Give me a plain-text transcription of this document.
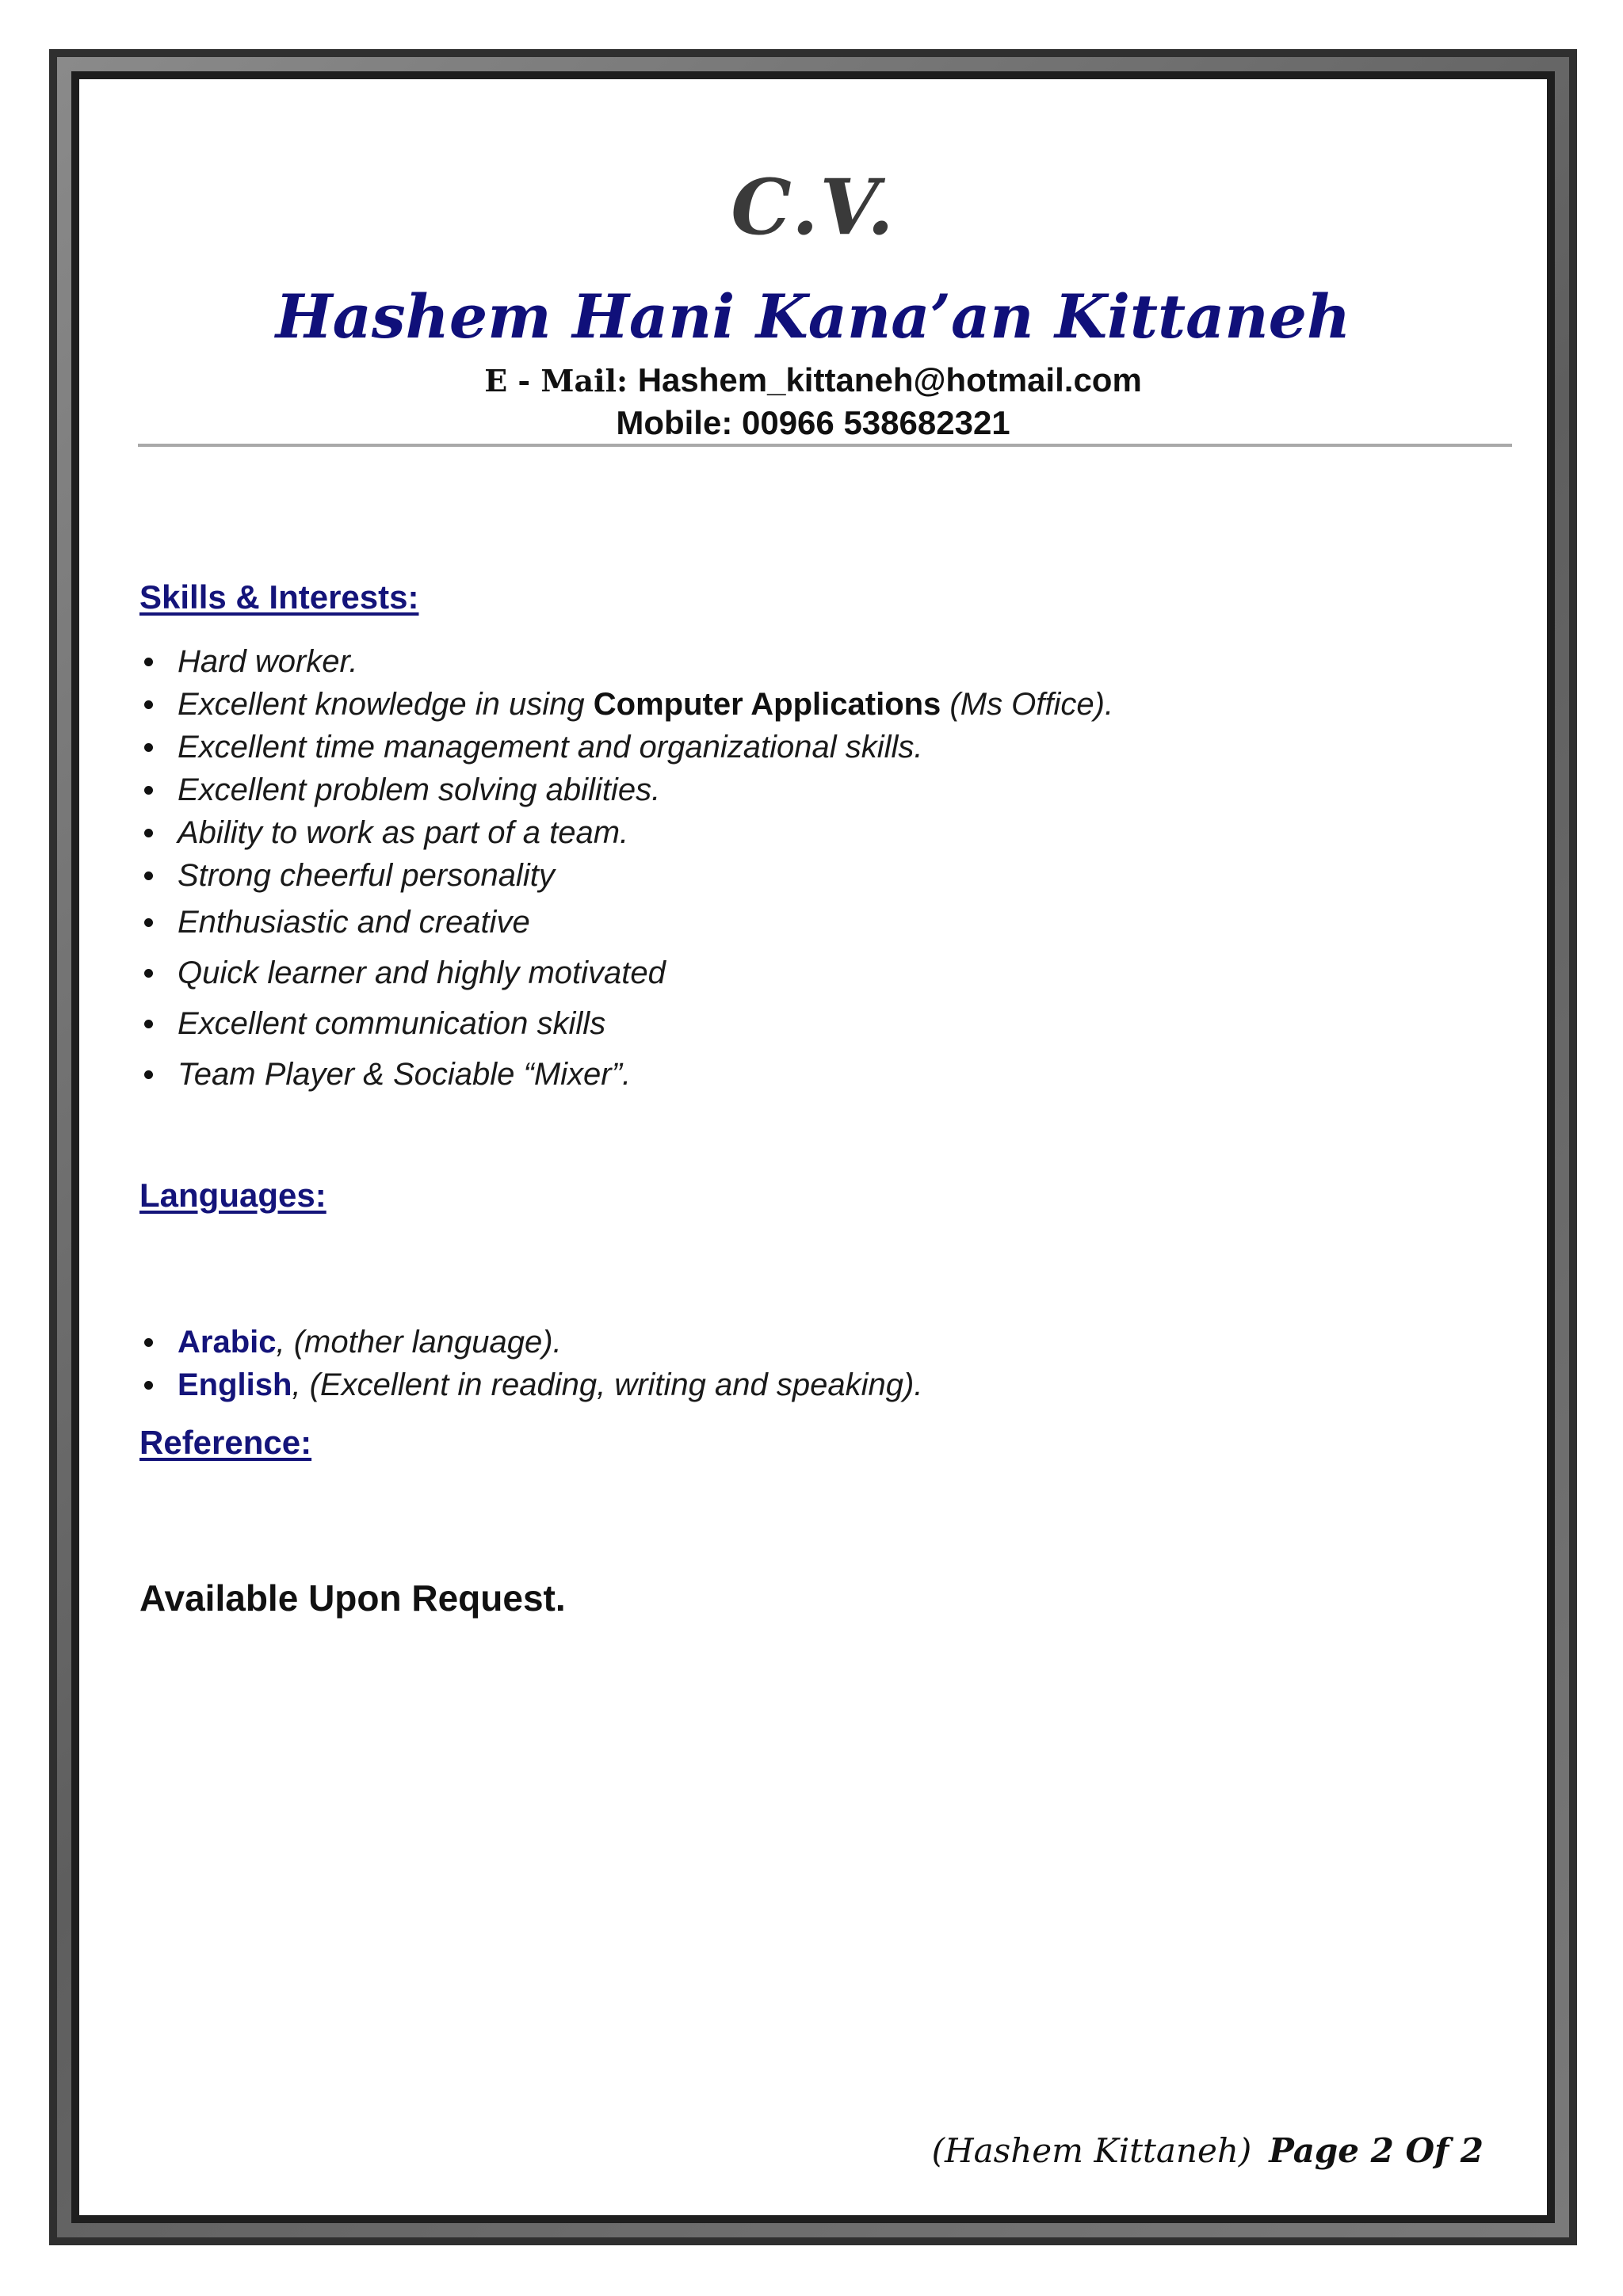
C.V.
Hashem Hani Kana’an Kittaneh
E - Mail: Hashem_kittaneh@hotmail.com
Mobile: 00966 538682321
Skills & Interests:
Hard worker.
Excellent knowledge in using Computer Applications (Ms Office).
Excellent time management and organizational skills.
Excellent problem solving abilities.
Ability to work as part of a team.
Strong cheerful personality
Enthusiastic and creative
Quick learner and highly motivated
Excellent communication skills
Team Player & Sociable “Mixer”.
Languages:
Arabic, (mother language).
English, (Excellent in reading, writing and speaking).
Reference:
Available Upon Request.
(Hashem Kittaneh) Page 2 Of 2
